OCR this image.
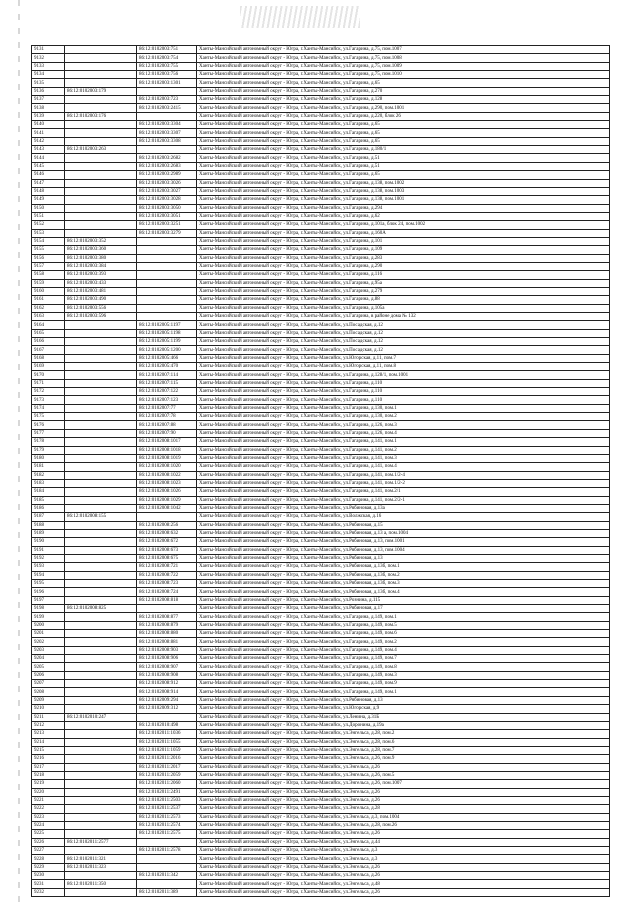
9131		86:12:0102003:751	Ханты-Мансийский автономный округ - Югра, г.Ханты-Мансийск, ул.Гагарина, д.75, пом.1007
9132		86:12:0102003:754	Ханты-Мансийский автономный округ - Югра, г.Ханты-Мансийск, ул.Гагарина, д.75, пом.1008
9133		86:12:0102003:755	Ханты-Мансийский автономный округ - Югра, г.Ханты-Мансийск, ул.Гагарина, д.75, пом.1009
9134		86:12:0102003:756	Ханты-Мансийский автономный округ - Югра, г.Ханты-Мансийск, ул.Гагарина, д.75, пом.1010
9135		86:12:0102003:1301	Ханты-Мансийский автономный округ - Югра, г.Ханты-Мансийск, ул.Гагарина, д.65
9136	86:12:0102003:179		Ханты-Мансийский автономный округ - Югра, г.Ханты-Мансийск, ул.Гагарина, д.270
9137		86:12:0102003:723	Ханты-Мансийский автономный округ - Югра, г.Ханты-Мансийск, ул.Гагарина, д.128
9138		86:12:0102003:2415	Ханты-Мансийский автономный округ - Югра, г.Ханты-Мансийск, ул.Гагарина, д.290, пом.1001
9139	86:12:0102003:176		Ханты-Мансийский автономный округ - Югра, г.Ханты-Мансийск, ул.Гагарина, д.220, блок 26
9140		86:12:0102003:3304	Ханты-Мансийский автономный округ - Югра, г.Ханты-Мансийск, ул.Гагарина, д.65
9141		86:12:0102003:3307	Ханты-Мансийский автономный округ - Югра, г.Ханты-Мансийск, ул.Гагарина, д.65
9142		86:12:0102003:3308	Ханты-Мансийский автономный округ - Югра, г.Ханты-Мансийск, ул.Гагарина, д.65
9143	86:12:0102003:263		Ханты-Мансийский автономный округ - Югра, г.Ханты-Мансийск, ул.Гагарина, д.180/1
9144		86:12:0102003:2682	Ханты-Мансийский автономный округ - Югра, г.Ханты-Мансийск, ул.Гагарина, д.51
9145		86:12:0102003:2683	Ханты-Мансийский автономный округ - Югра, г.Ханты-Мансийск, ул.Гагарина, д.51
9146		86:12:0102003:2989	Ханты-Мансийский автономный округ - Югра, г.Ханты-Мансийск, ул.Гагарина, д.65
9147		86:12:0102003:3026	Ханты-Мансийский автономный округ - Югра, г.Ханты-Мансийск, ул.Гагарина, д.138, пом.1002
9148		86:12:0102003:3027	Ханты-Мансийский автономный округ - Югра, г.Ханты-Мансийск, ул.Гагарина, д.138, пом.1003
9149		86:12:0102003:3028	Ханты-Мансийский автономный округ - Югра, г.Ханты-Мансийск, ул.Гагарина, д.138, пом.1001
9150		86:12:0102003:3050	Ханты-Мансийский автономный округ - Югра, г.Ханты-Мансийск, ул.Гагарина, д.294
9151		86:12:0102003:3051	Ханты-Мансийский автономный округ - Югра, г.Ханты-Мансийск, ул.Гагарина, д.62
9152		86:12:0102003:3251	Ханты-Мансийский автономный округ - Югра, г.Ханты-Мансийск, ул.Гагарина, д.101а, блок 24, пом.1002
9153		86:12:0102003:3279	Ханты-Мансийский автономный округ - Югра, г.Ханты-Мансийск, ул.Гагарина, д.160А
9154	86:12:0102003:352		Ханты-Мансийский автономный округ - Югра, г.Ханты-Мансийск, ул.Гагарина, д.101
9155	86:12:0102003:360		Ханты-Мансийский автономный округ - Югра, г.Ханты-Мансийск, ул.Гагарина, д.109
9156	86:12:0102003:380		Ханты-Мансийский автономный округ - Югра, г.Ханты-Мансийск, ул.Гагарина, д.283
9157	86:12:0102003:384		Ханты-Мансийский автономный округ - Югра, г.Ханты-Мансийск, ул.Гагарина, д.290
9158	86:12:0102003:393		Ханты-Мансийский автономный округ - Югра, г.Ханты-Мансийск, ул.Гагарина, д.116
9159	86:12:0102003:433		Ханты-Мансийский автономный округ - Югра, г.Ханты-Мансийск, ул.Гагарина, д.95а
9160	86:12:0102003:481		Ханты-Мансийский автономный округ - Югра, г.Ханты-Мансийск, ул.Гагарина, д.279
9161	86:12:0102003:490		Ханты-Мансийский автономный округ - Югра, г.Ханты-Мансийск, ул.Гагарина, д.88
9162	86:12:0102003:556		Ханты-Мансийский автономный округ - Югра, г.Ханты-Мансийск, ул.Гагарина, д.105а
9163	86:12:0102003:596		Ханты-Мансийский автономный округ - Югра, г.Ханты-Мансийск, ул.Гагарина, в районе дома № 132
9164		86:12:0102005:1197	Ханты-Мансийский автономный округ - Югра, г.Ханты-Мансийск, ул.Посадская, д.12
9165		86:12:0102005:1198	Ханты-Мансийский автономный округ - Югра, г.Ханты-Мансийск, ул.Посадская, д.12
9166		86:12:0102005:1199	Ханты-Мансийский автономный округ - Югра, г.Ханты-Мансийск, ул.Посадская, д.12
9167		86:12:0102005:1200	Ханты-Мансийский автономный округ - Югра, г.Ханты-Мансийск, ул.Посадская, д.12
9168		86:12:0102005:466	Ханты-Мансийский автономный округ - Югра, г.Ханты-Мансийск, ул.Югорская, д.11, пом.7
9169		86:12:0102005:470	Ханты-Мансийский автономный округ - Югра, г.Ханты-Мансийск, ул.Югорская, д.11, пом.8
9170		86:12:0102007:114	Ханты-Мансийский автономный округ - Югра, г.Ханты-Мансийск, ул.Гагарина, д.128/1, пом.1001
9171		86:12:0102007:115	Ханты-Мансийский автономный округ - Югра, г.Ханты-Мансийск, ул.Гагарина, д.110
9172		86:12:0102007:122	Ханты-Мансийский автономный округ - Югра, г.Ханты-Мансийск, ул.Гагарина, д.110
9173		86:12:0102007:123	Ханты-Мансийский автономный округ - Югра, г.Ханты-Мансийск, ул.Гагарина, д.110
9174		86:12:0102007:77	Ханты-Мансийский автономный округ - Югра, г.Ханты-Мансийск, ул.Гагарина, д.130, пом.1
9175		86:12:0102007:78	Ханты-Мансийский автономный округ - Югра, г.Ханты-Мансийск, ул.Гагарина, д.130, пом.2
9176		86:12:0102007:88	Ханты-Мансийский автономный округ - Югра, г.Ханты-Мансийск, ул.Гагарина, д.126, пом.3
9177		86:12:0102007:90	Ханты-Мансийский автономный округ - Югра, г.Ханты-Мансийск, ул.Гагарина, д.126, пом.4
9178		86:12:0102008:1017	Ханты-Мансийский автономный округ - Югра, г.Ханты-Мансийск, ул.Гагарина, д.141, пом.1
9179		86:12:0102008:1018	Ханты-Мансийский автономный округ - Югра, г.Ханты-Мансийск, ул.Гагарина, д.141, пом.2
9180		86:12:0102008:1019	Ханты-Мансийский автономный округ - Югра, г.Ханты-Мансийск, ул.Гагарина, д.141, пом.3
9181		86:12:0102008:1020	Ханты-Мансийский автономный округ - Югра, г.Ханты-Мансийск, ул.Гагарина, д.141, пом.4
9182		86:12:0102008:1022	Ханты-Мансийский автономный округ - Югра, г.Ханты-Мансийск, ул.Гагарина, д.141, пом.1/2-4
9183		86:12:0102008:1023	Ханты-Мансийский автономный округ - Югра, г.Ханты-Мансийск, ул.Гагарина, д.141, пом.1/2-2
9184		86:12:0102008:1026	Ханты-Мансийский автономный округ - Югра, г.Ханты-Мансийск, ул.Гагарина, д.141, пом.2/1
9185		86:12:0102008:1029	Ханты-Мансийский автономный округ - Югра, г.Ханты-Мансийск, ул.Гагарина, д.141, пом.2/2-1
9186		86:12:0102008:1042	Ханты-Мансийский автономный округ - Югра, г.Ханты-Мансийск, ул.Рябиновая, д.13а
9187	86:12:0102008:155		Ханты-Мансийский автономный округ - Югра, г.Ханты-Мансийск, ул.Волжская, д.16
9188		86:12:0102008:256	Ханты-Мансийский автономный округ - Югра, г.Ханты-Мансийск, ул.Рябиновая, д.15
9189		86:12:0102008:632	Ханты-Мансийский автономный округ - Югра, г.Ханты-Мансийск, ул.Рябиновая, д.13 а, пом.1004
9190		86:12:0102008:672	Ханты-Мансийский автономный округ - Югра, г.Ханты-Мансийск, ул.Рябиновая, д.13, пом.1001
9191		86:12:0102008:673	Ханты-Мансийский автономный округ - Югра, г.Ханты-Мансийск, ул.Рябиновая, д.13, пом.1004
9192		86:12:0102008:675	Ханты-Мансийский автономный округ - Югра, г.Ханты-Мансийск, ул.Рябиновая, д.13
9193		86:12:0102008:721	Ханты-Мансийский автономный округ - Югра, г.Ханты-Мансийск, ул.Рябиновая, д.13б, пом.1
9194		86:12:0102008:722	Ханты-Мансийский автономный округ - Югра, г.Ханты-Мансийск, ул.Рябиновая, д.13б, пом.2
9195		86:12:0102008:723	Ханты-Мансийский автономный округ - Югра, г.Ханты-Мансийск, ул.Рябиновая, д.13б, пом.3
9196		86:12:0102008:724	Ханты-Мансийский автономный округ - Югра, г.Ханты-Мансийск, ул.Рябиновая, д.13б, пом.4
9197		86:12:0102008:818	Ханты-Мансийский автономный округ - Югра, г.Ханты-Мансийск, ул.Рознина, д.115
9198	86:12:0102008:825		Ханты-Мансийский автономный округ - Югра, г.Ханты-Мансийск, ул.Рябиновая, д.17
9199		86:12:0102008:877	Ханты-Мансийский автономный округ - Югра, г.Ханты-Мансийск, ул.Гагарина, д.149, пом.1
9200		86:12:0102008:879	Ханты-Мансийский автономный округ - Югра, г.Ханты-Мансийск, ул.Гагарина, д.149, пом.5
9201		86:12:0102008:880	Ханты-Мансийский автономный округ - Югра, г.Ханты-Мансийск, ул.Гагарина, д.149, пом.6
9202		86:12:0102008:881	Ханты-Мансийский автономный округ - Югра, г.Ханты-Мансийск, ул.Гагарина, д.149, пом.2
9203		86:12:0102008:903	Ханты-Мансийский автономный округ - Югра, г.Ханты-Мансийск, ул.Гагарина, д.149, пом.4
9204		86:12:0102008:906	Ханты-Мансийский автономный округ - Югра, г.Ханты-Мансийск, ул.Гагарина, д.149, пом.7
9205		86:12:0102008:907	Ханты-Мансийский автономный округ - Югра, г.Ханты-Мансийск, ул.Гагарина, д.149, пом.8
9206		86:12:0102008:908	Ханты-Мансийский автономный округ - Югра, г.Ханты-Мансийск, ул.Гагарина, д.149, пом.3
9207		86:12:0102008:912	Ханты-Мансийский автономный округ - Югра, г.Ханты-Мансийск, ул.Гагарина, д.149, пом.9
9208		86:12:0102008:914	Ханты-Мансийский автономный округ - Югра, г.Ханты-Мансийск, ул.Гагарина, д.149, пом.1
9209		86:12:0102009:294	Ханты-Мансийский автономный округ - Югра, г.Ханты-Мансийск, ул.Рябиновая, д.13
9210		86:12:0102009:312	Ханты-Мансийский автономный округ - Югра, г.Ханты-Мансийск, ул.Югорская, д.9
9211	86:12:0102010:247		Ханты-Мансийский автономный округ - Югра, г.Ханты-Мансийск, ул.Ленина, д.31Б
9212		86:12:0102010:498	Ханты-Мансийский автономный округ - Югра, г.Ханты-Мансийск, ул.Доронина, д.19а
9213		86:12:0102011:1036	Ханты-Мансийский автономный округ - Югра, г.Ханты-Мансийск, ул.Энгельса, д.28, пом.2
9214		86:12:0102011:1055	Ханты-Мансийский автономный округ - Югра, г.Ханты-Мансийск, ул.Энгельса, д.28, пом.6
9215		86:12:0102011:1059	Ханты-Мансийский автономный округ - Югра, г.Ханты-Мансийск, ул.Энгельса, д.28, пом.7
9216		86:12:0102011:2016	Ханты-Мансийский автономный округ - Югра, г.Ханты-Мансийск, ул.Энгельса, д.26, пом.9
9217		86:12:0102011:2017	Ханты-Мансийский автономный округ - Югра, г.Ханты-Мансийск, ул.Энгельса, д.26
9218		86:12:0102011:2059	Ханты-Мансийский автономный округ - Югра, г.Ханты-Мансийск, ул.Энгельса, д.26, пом.5
9219		86:12:0102011:2060	Ханты-Мансийский автономный округ - Югра, г.Ханты-Мансийск, ул.Энгельса, д.26, пом.1007
9220		86:12:0102011:2491	Ханты-Мансийский автономный округ - Югра, г.Ханты-Мансийск, ул.Энгельса, д.26
9221		86:12:0102011:2503	Ханты-Мансийский автономный округ - Югра, г.Ханты-Мансийск, ул.Энгельса, д.26
9222		86:12:0102011:2537	Ханты-Мансийский автономный округ - Югра, г.Ханты-Мансийск, ул.Энгельса, д.28
9223		86:12:0102011:2573	Ханты-Мансийский автономный округ - Югра, г.Ханты-Мансийск, ул.Энгельса, д.3, пом.1004
9224		86:12:0102011:2574	Ханты-Мансийский автономный округ - Югра, г.Ханты-Мансийск, ул.Энгельса, д.28, пом.26
9225		86:12:0102011:2575	Ханты-Мансийский автономный округ - Югра, г.Ханты-Мансийск, ул.Энгельса, д.26
9226	86:12:0102011:2577		Ханты-Мансийский автономный округ - Югра, г.Ханты-Мансийск, ул.Энгельса, д.44
9227		86:12:0102011:2578	Ханты-Мансийский автономный округ - Югра, г.Ханты-Мансийск, ул.Энгельса, д.3
9228	86:12:0102011:321		Ханты-Мансийский автономный округ - Югра, г.Ханты-Мансийск, ул.Энгельса, д.3
9229	86:12:0102011:323		Ханты-Мансийский автономный округ - Югра, г.Ханты-Мансийск, ул.Энгельса, д.26
9230		86:12:0102011:342	Ханты-Мансийский автономный округ - Югра, г.Ханты-Мансийск, ул.Энгельса, д.26
9231	86:12:0102011:350		Ханты-Мансийский автономный округ - Югра, г.Ханты-Мансийск, ул.Энгельса, д.48
9232		86:12:0102011:389	Ханты-Мансийский автономный округ - Югра, г.Ханты-Мансийск, ул.Энгельса, д.26
